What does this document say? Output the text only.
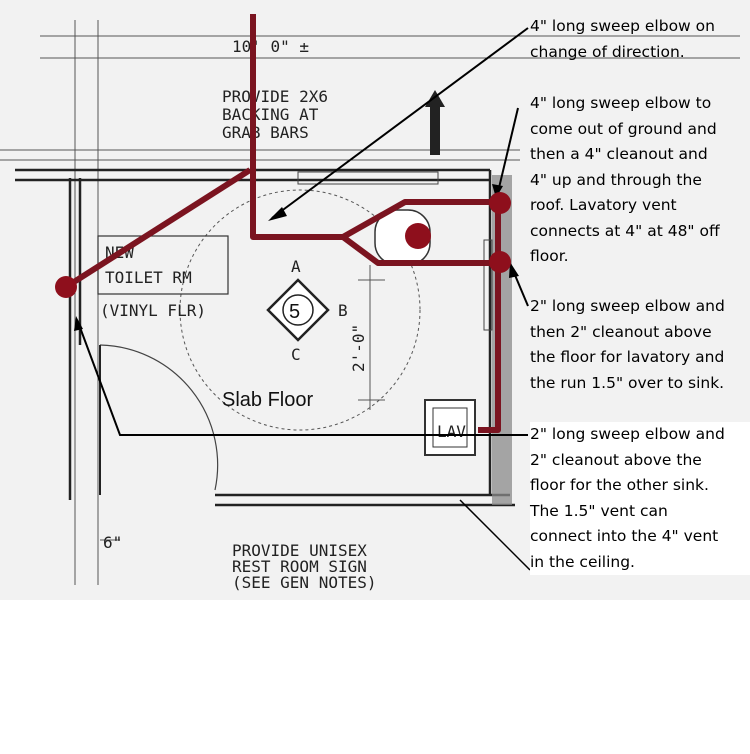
10' 0" ±
PROVIDE 2X6
BACKING AT
GRAB BARS
NEW
TOILET RM
(VINYL FLR)
Slab Floor
5
A
B
C	2'-0"
6"	PROVIDE UNISEX
REST ROOM SIGN
(SEE GEN NOTES)
LAV
4" long sweep elbow on
change of direction.
4" long sweep elbow to
come out of ground and
then a 4" cleanout and
4" up and through the
roof. Lavatory vent
connects at 4" at 48" off
floor.
2" long sweep elbow and
then 2" cleanout above
the floor for lavatory and
the run 1.5" over to sink.
2" long sweep elbow and
2" cleanout above the
floor for the other sink.
The 1.5" vent can
connect into the 4" vent
in the ceiling.
